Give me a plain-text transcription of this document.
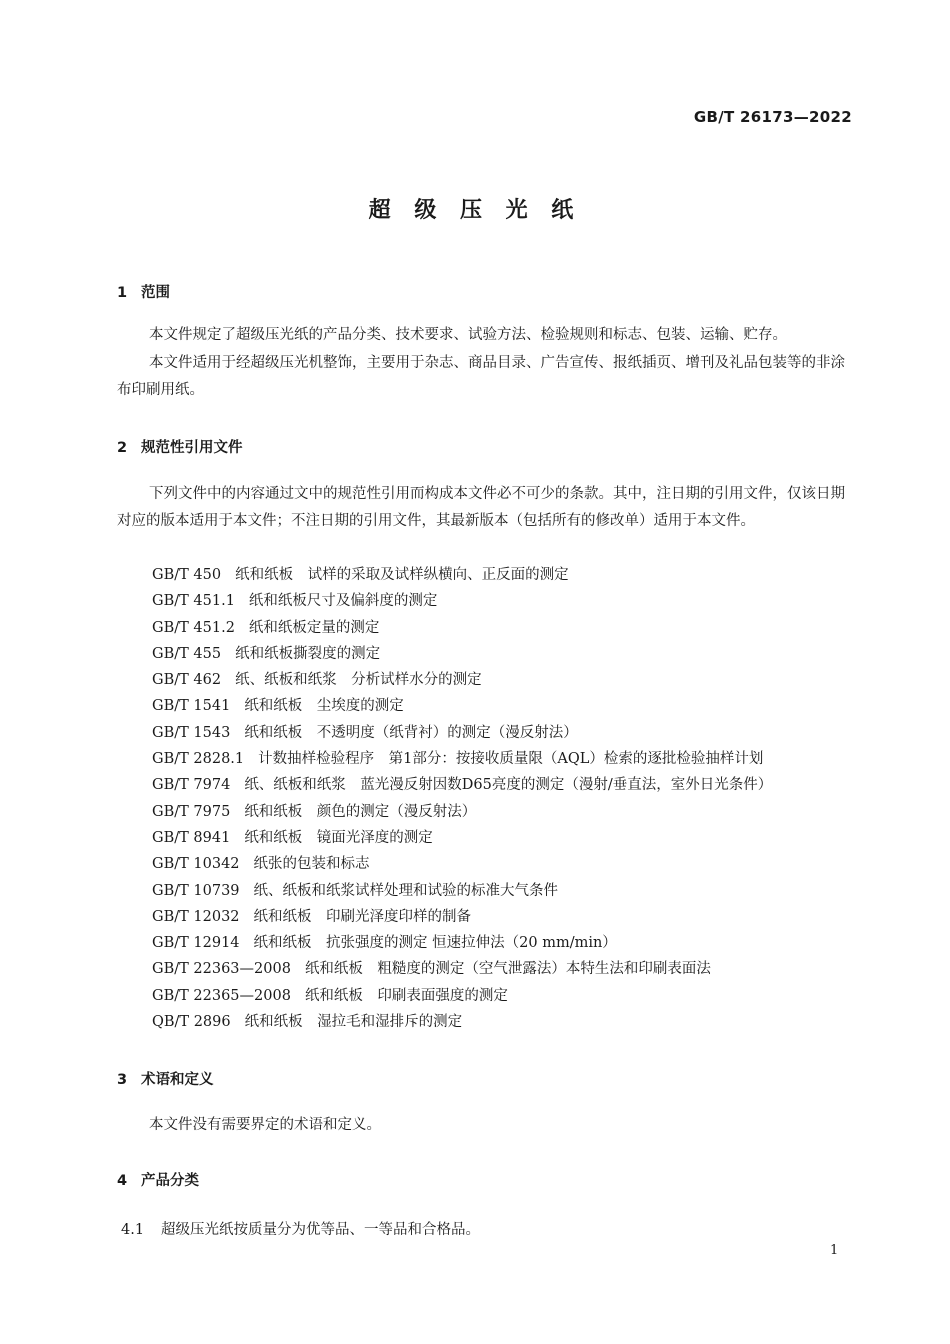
GB/T 26173—2022
超 级 压 光 纸
1 范围
本文件规定了超级压光纸的产品分类、技术要求、试验方法、检验规则和标志、包装、运输、贮存。
本文件适用于经超级压光机整饰，主要用于杂志、商品目录、广告宣传、报纸插页、增刊及礼品包装等的非涂布印刷用纸。
2 规范性引用文件
下列文件中的内容通过文中的规范性引用而构成本文件必不可少的条款。其中，注日期的引用文件，仅该日期对应的版本适用于本文件；不注日期的引用文件，其最新版本（包括所有的修改单）适用于本文件。
GB/T 450 纸和纸板　试样的采取及试样纵横向、正反面的测定
GB/T 451.1 纸和纸板尺寸及偏斜度的测定
GB/T 451.2 纸和纸板定量的测定
GB/T 455 纸和纸板撕裂度的测定
GB/T 462 纸、纸板和纸浆　分析试样水分的测定
GB/T 1541 纸和纸板　尘埃度的测定
GB/T 1543 纸和纸板　不透明度（纸背衬）的测定（漫反射法）
GB/T 2828.1 计数抽样检验程序　第1部分：按接收质量限（AQL）检索的逐批检验抽样计划
GB/T 7974 纸、纸板和纸浆　蓝光漫反射因数D65亮度的测定（漫射/垂直法，室外日光条件）
GB/T 7975 纸和纸板　颜色的测定（漫反射法）
GB/T 8941 纸和纸板　镜面光泽度的测定
GB/T 10342 纸张的包装和标志
GB/T 10739 纸、纸板和纸浆试样处理和试验的标准大气条件
GB/T 12032 纸和纸板　印刷光泽度印样的制备
GB/T 12914 纸和纸板　抗张强度的测定 恒速拉伸法（20 mm/min）
GB/T 22363—2008 纸和纸板　粗糙度的测定（空气泄露法）本特生法和印刷表面法
GB/T 22365—2008 纸和纸板　印刷表面强度的测定
QB/T 2896 纸和纸板　湿拉毛和湿排斥的测定
3 术语和定义
本文件没有需要界定的术语和定义。
4 产品分类
4.1 超级压光纸按质量分为优等品、一等品和合格品。
1
